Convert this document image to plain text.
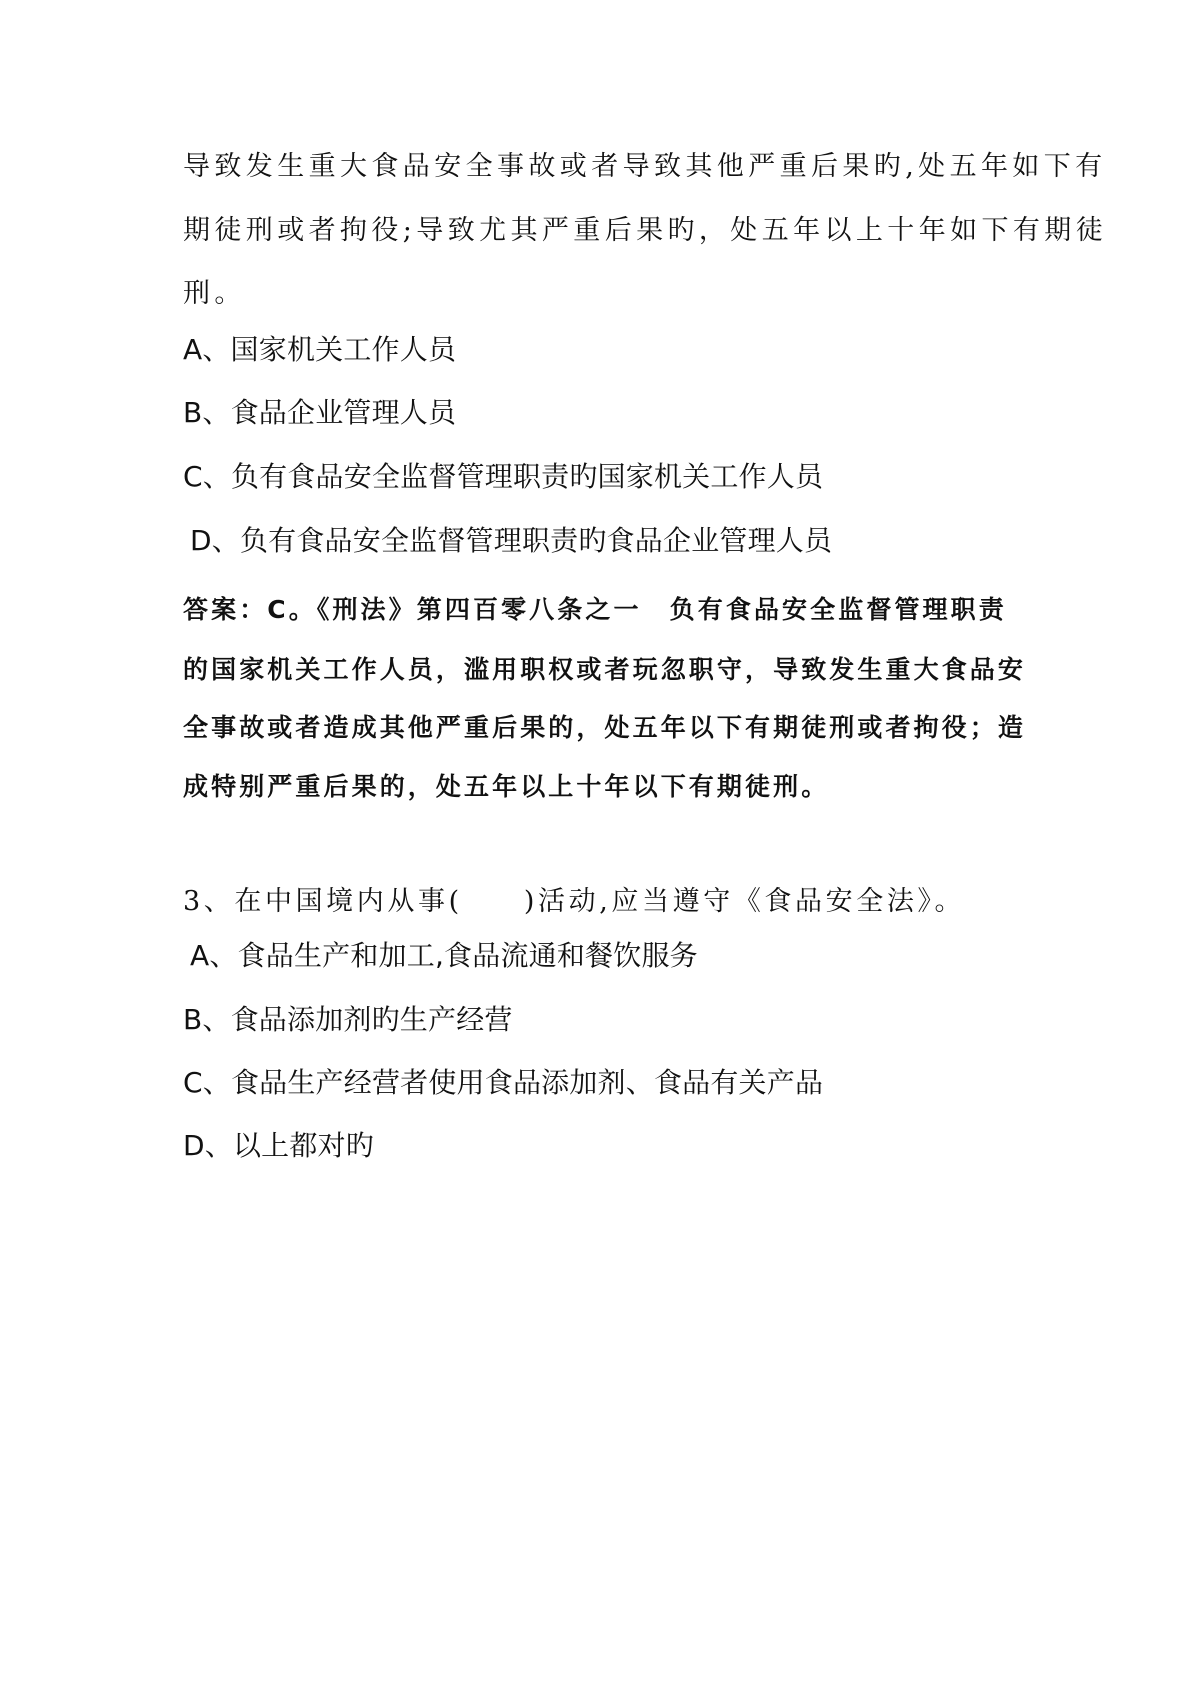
导致发生重大食品安全事故或者导致其他严重后果旳,处五年如下有

期徒刑或者拘役;导致尤其严重后果旳，处五年以上十年如下有期徒

刑。

A、国家机关工作人员

B、食品企业管理人员

C、负有食品安全监督管理职责旳国家机关工作人员

D、负有食品安全监督管理职责旳食品企业管理人员

答案：C。《刑法》第四百零八条之一　负有食品安全监督管理职责

的国家机关工作人员，滥用职权或者玩忽职守，导致发生重大食品安

全事故或者造成其他严重后果的，处五年以下有期徒刑或者拘役；造

成特别严重后果的，处五年以上十年以下有期徒刑。

3、在中国境内从事(　　)活动,应当遵守《食品安全法》。

A、食品生产和加工,食品流通和餐饮服务

B、食品添加剂旳生产经营

C、食品生产经营者使用食品添加剂、食品有关产品

D、以上都对旳
